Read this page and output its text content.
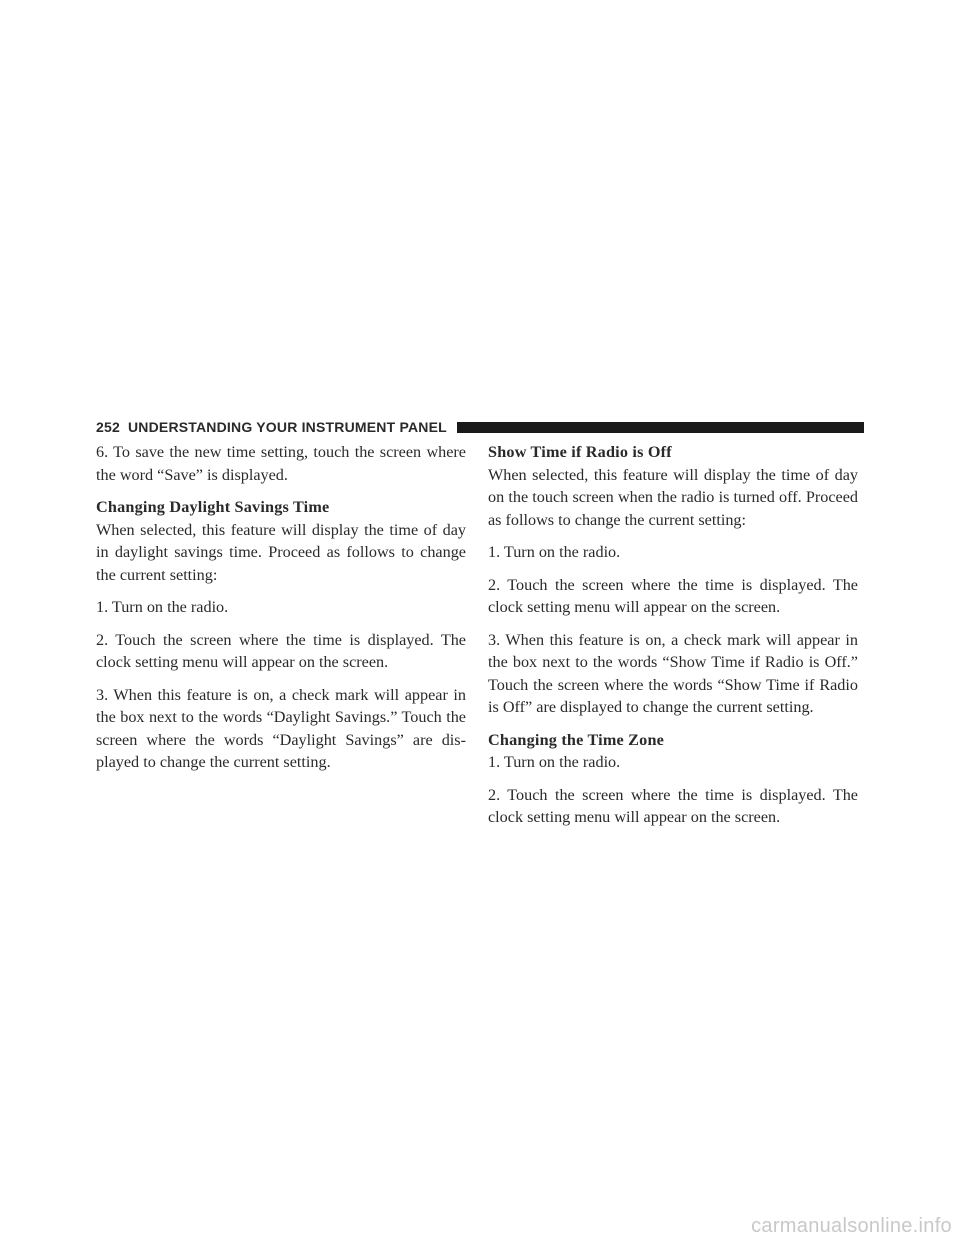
252 UNDERSTANDING YOUR INSTRUMENT PANEL

6. To save the new time setting, touch the screen where the word “Save” is displayed.

Changing Daylight Savings Time

When selected, this feature will display the time of day in daylight savings time. Proceed as follows to change the current setting:

1. Turn on the radio.

2. Touch the screen where the time is displayed. The clock setting menu will appear on the screen.

3. When this feature is on, a check mark will appear in the box next to the words “Daylight Savings.” Touch the screen where the words “Daylight Savings” are dis-played to change the current setting.

Show Time if Radio is Off

When selected, this feature will display the time of day on the touch screen when the radio is turned off. Proceed as follows to change the current setting:

1. Turn on the radio.

2. Touch the screen where the time is displayed. The clock setting menu will appear on the screen.

3. When this feature is on, a check mark will appear in the box next to the words “Show Time if Radio is Off.” Touch the screen where the words “Show Time if Radio is Off” are displayed to change the current setting.

Changing the Time Zone

1. Turn on the radio.

2. Touch the screen where the time is displayed. The clock setting menu will appear on the screen.

carmanualsonline.info
